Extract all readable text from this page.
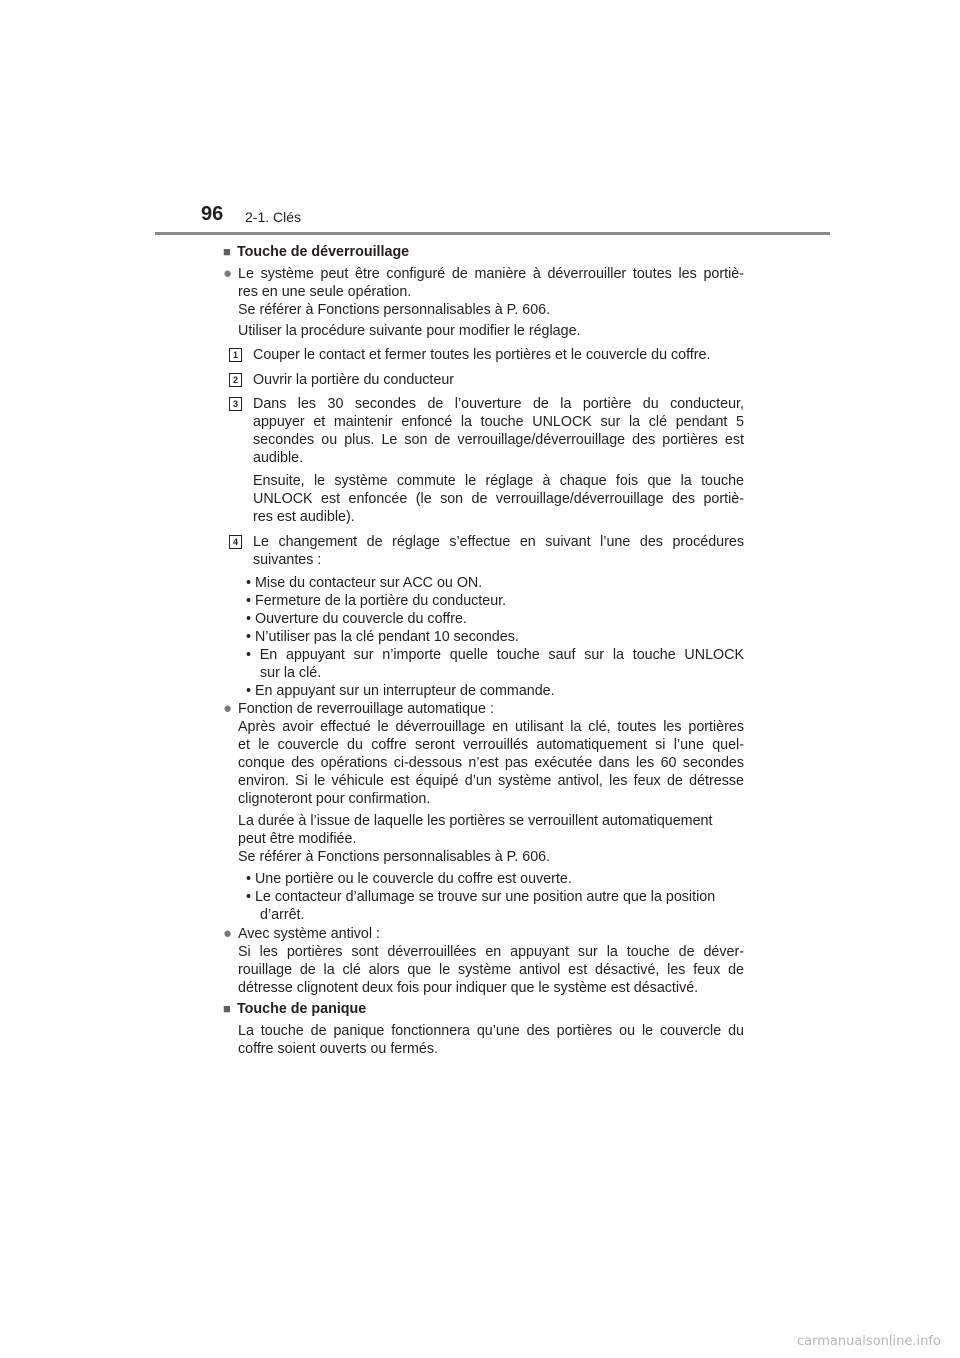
96 2-1. Clés
■ Touche de déverrouillage
● Le système peut être configuré de manière à déverrouiller toutes les portiè-
res en une seule opération.
Se référer à Fonctions personnalisables à P. 606.
Utiliser la procédure suivante pour modifier le réglage.
1 Couper le contact et fermer toutes les portières et le couvercle du coffre.
2 Ouvrir la portière du conducteur
3 Dans les 30 secondes de l’ouverture de la portière du conducteur,
appuyer et maintenir enfoncé la touche UNLOCK sur la clé pendant 5
secondes ou plus. Le son de verrouillage/déverrouillage des portières est
audible.
Ensuite, le système commute le réglage à chaque fois que la touche
UNLOCK est enfoncée (le son de verrouillage/déverrouillage des portiè-
res est audible).
4 Le changement de réglage s’effectue en suivant l’une des procédures
suivantes :
• Mise du contacteur sur ACC ou ON.
• Fermeture de la portière du conducteur.
• Ouverture du couvercle du coffre.
• N’utiliser pas la clé pendant 10 secondes.
• En appuyant sur n’importe quelle touche sauf sur la touche UNLOCK
sur la clé.
• En appuyant sur un interrupteur de commande.
● Fonction de reverrouillage automatique :
Après avoir effectué le déverrouillage en utilisant la clé, toutes les portières
et le couvercle du coffre seront verrouillés automatiquement si l’une quel-
conque des opérations ci-dessous n’est pas exécutée dans les 60 secondes
environ. Si le véhicule est équipé d’un système antivol, les feux de détresse
clignoteront pour confirmation.
La durée à l’issue de laquelle les portières se verrouillent automatiquement
peut être modifiée.
Se référer à Fonctions personnalisables à P. 606.
• Une portière ou le couvercle du coffre est ouverte.
• Le contacteur d’allumage se trouve sur une position autre que la position
d’arrêt.
● Avec système antivol :
Si les portières sont déverrouillées en appuyant sur la touche de déver-
rouillage de la clé alors que le système antivol est désactivé, les feux de
détresse clignotent deux fois pour indiquer que le système est désactivé.
■ Touche de panique
La touche de panique fonctionnera qu’une des portières ou le couvercle du
coffre soient ouverts ou fermés.
carmanualsonline.info
